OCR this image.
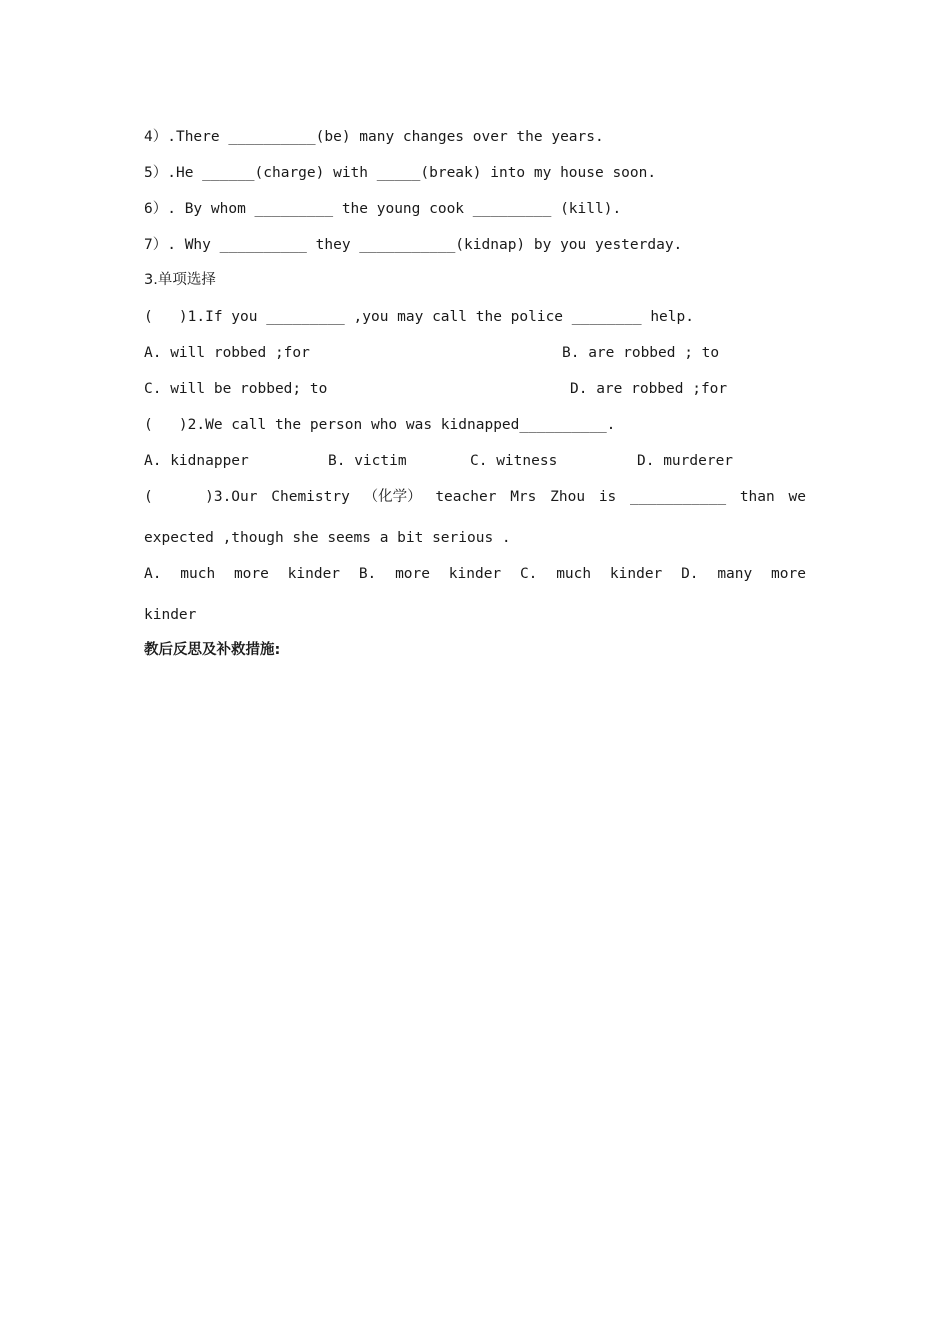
4）.There __________(be) many changes over the years.
5）.He ______(charge) with _____(break) into my house soon.
6）. By whom _________ the young cook _________ (kill).
7）. Why __________ they ___________(kidnap) by you yesterday.
3.单项选择
(   )1.If you _________ ,you may call the police ________ help.
A. will robbed ;for	B. are robbed ; to
C. will be robbed; to	D. are robbed ;for
(   )2.We call the person who was kidnapped__________.
A. kidnapper	B. victim	C. witness	D. murderer
(      )3.Our Chemistry （化学） teacher Mrs Zhou is ___________ than we
expected ,though she seems a bit serious .
A. much more kinder B. more kinder C. much kinder D. many more
kinder
教后反思及补救措施:
